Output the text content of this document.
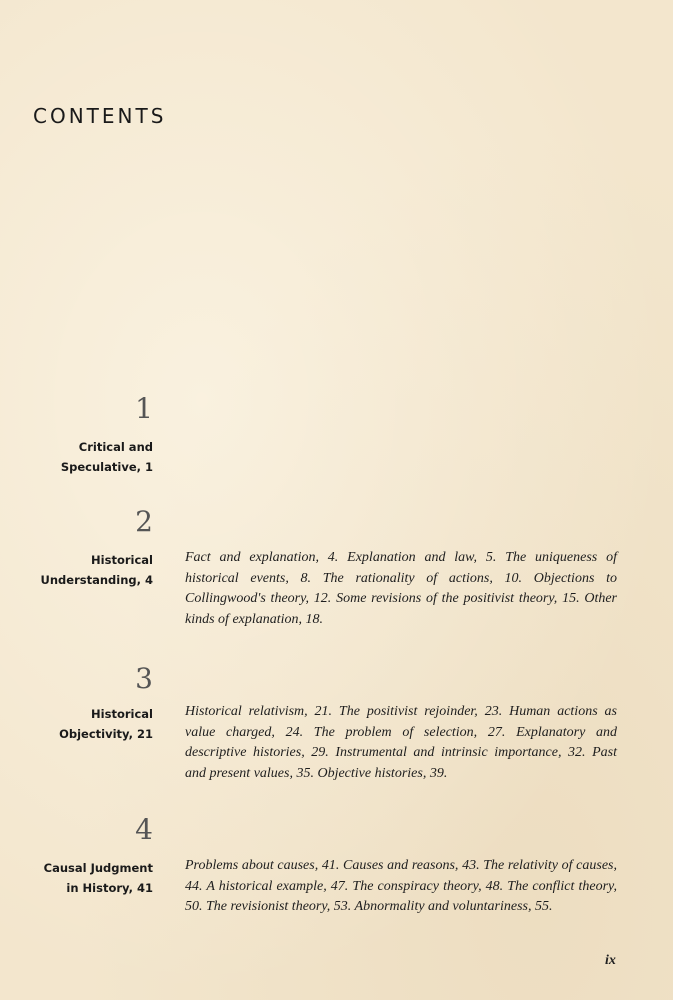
CONTENTS
1
Critical and
Speculative, 1
2
Historical
Understanding, 4
Fact and explanation, 4. Explanation and law, 5. The uniqueness of historical events, 8. The rationality of actions, 10. Objections to Collingwood's theory, 12. Some revisions of the positivist theory, 15. Other kinds of explanation, 18.
3
Historical
Objectivity, 21
Historical relativism, 21. The positivist rejoinder, 23. Human actions as value charged, 24. The problem of selection, 27. Explanatory and descriptive histories, 29. Instrumental and intrinsic importance, 32. Past and present values, 35. Objective histories, 39.
4
Causal Judgment
in History, 41
Problems about causes, 41. Causes and reasons, 43. The relativity of causes, 44. A historical example, 47. The conspiracy theory, 48. The conflict theory, 50. The revisionist theory, 53. Abnormality and voluntariness, 55.
ix
